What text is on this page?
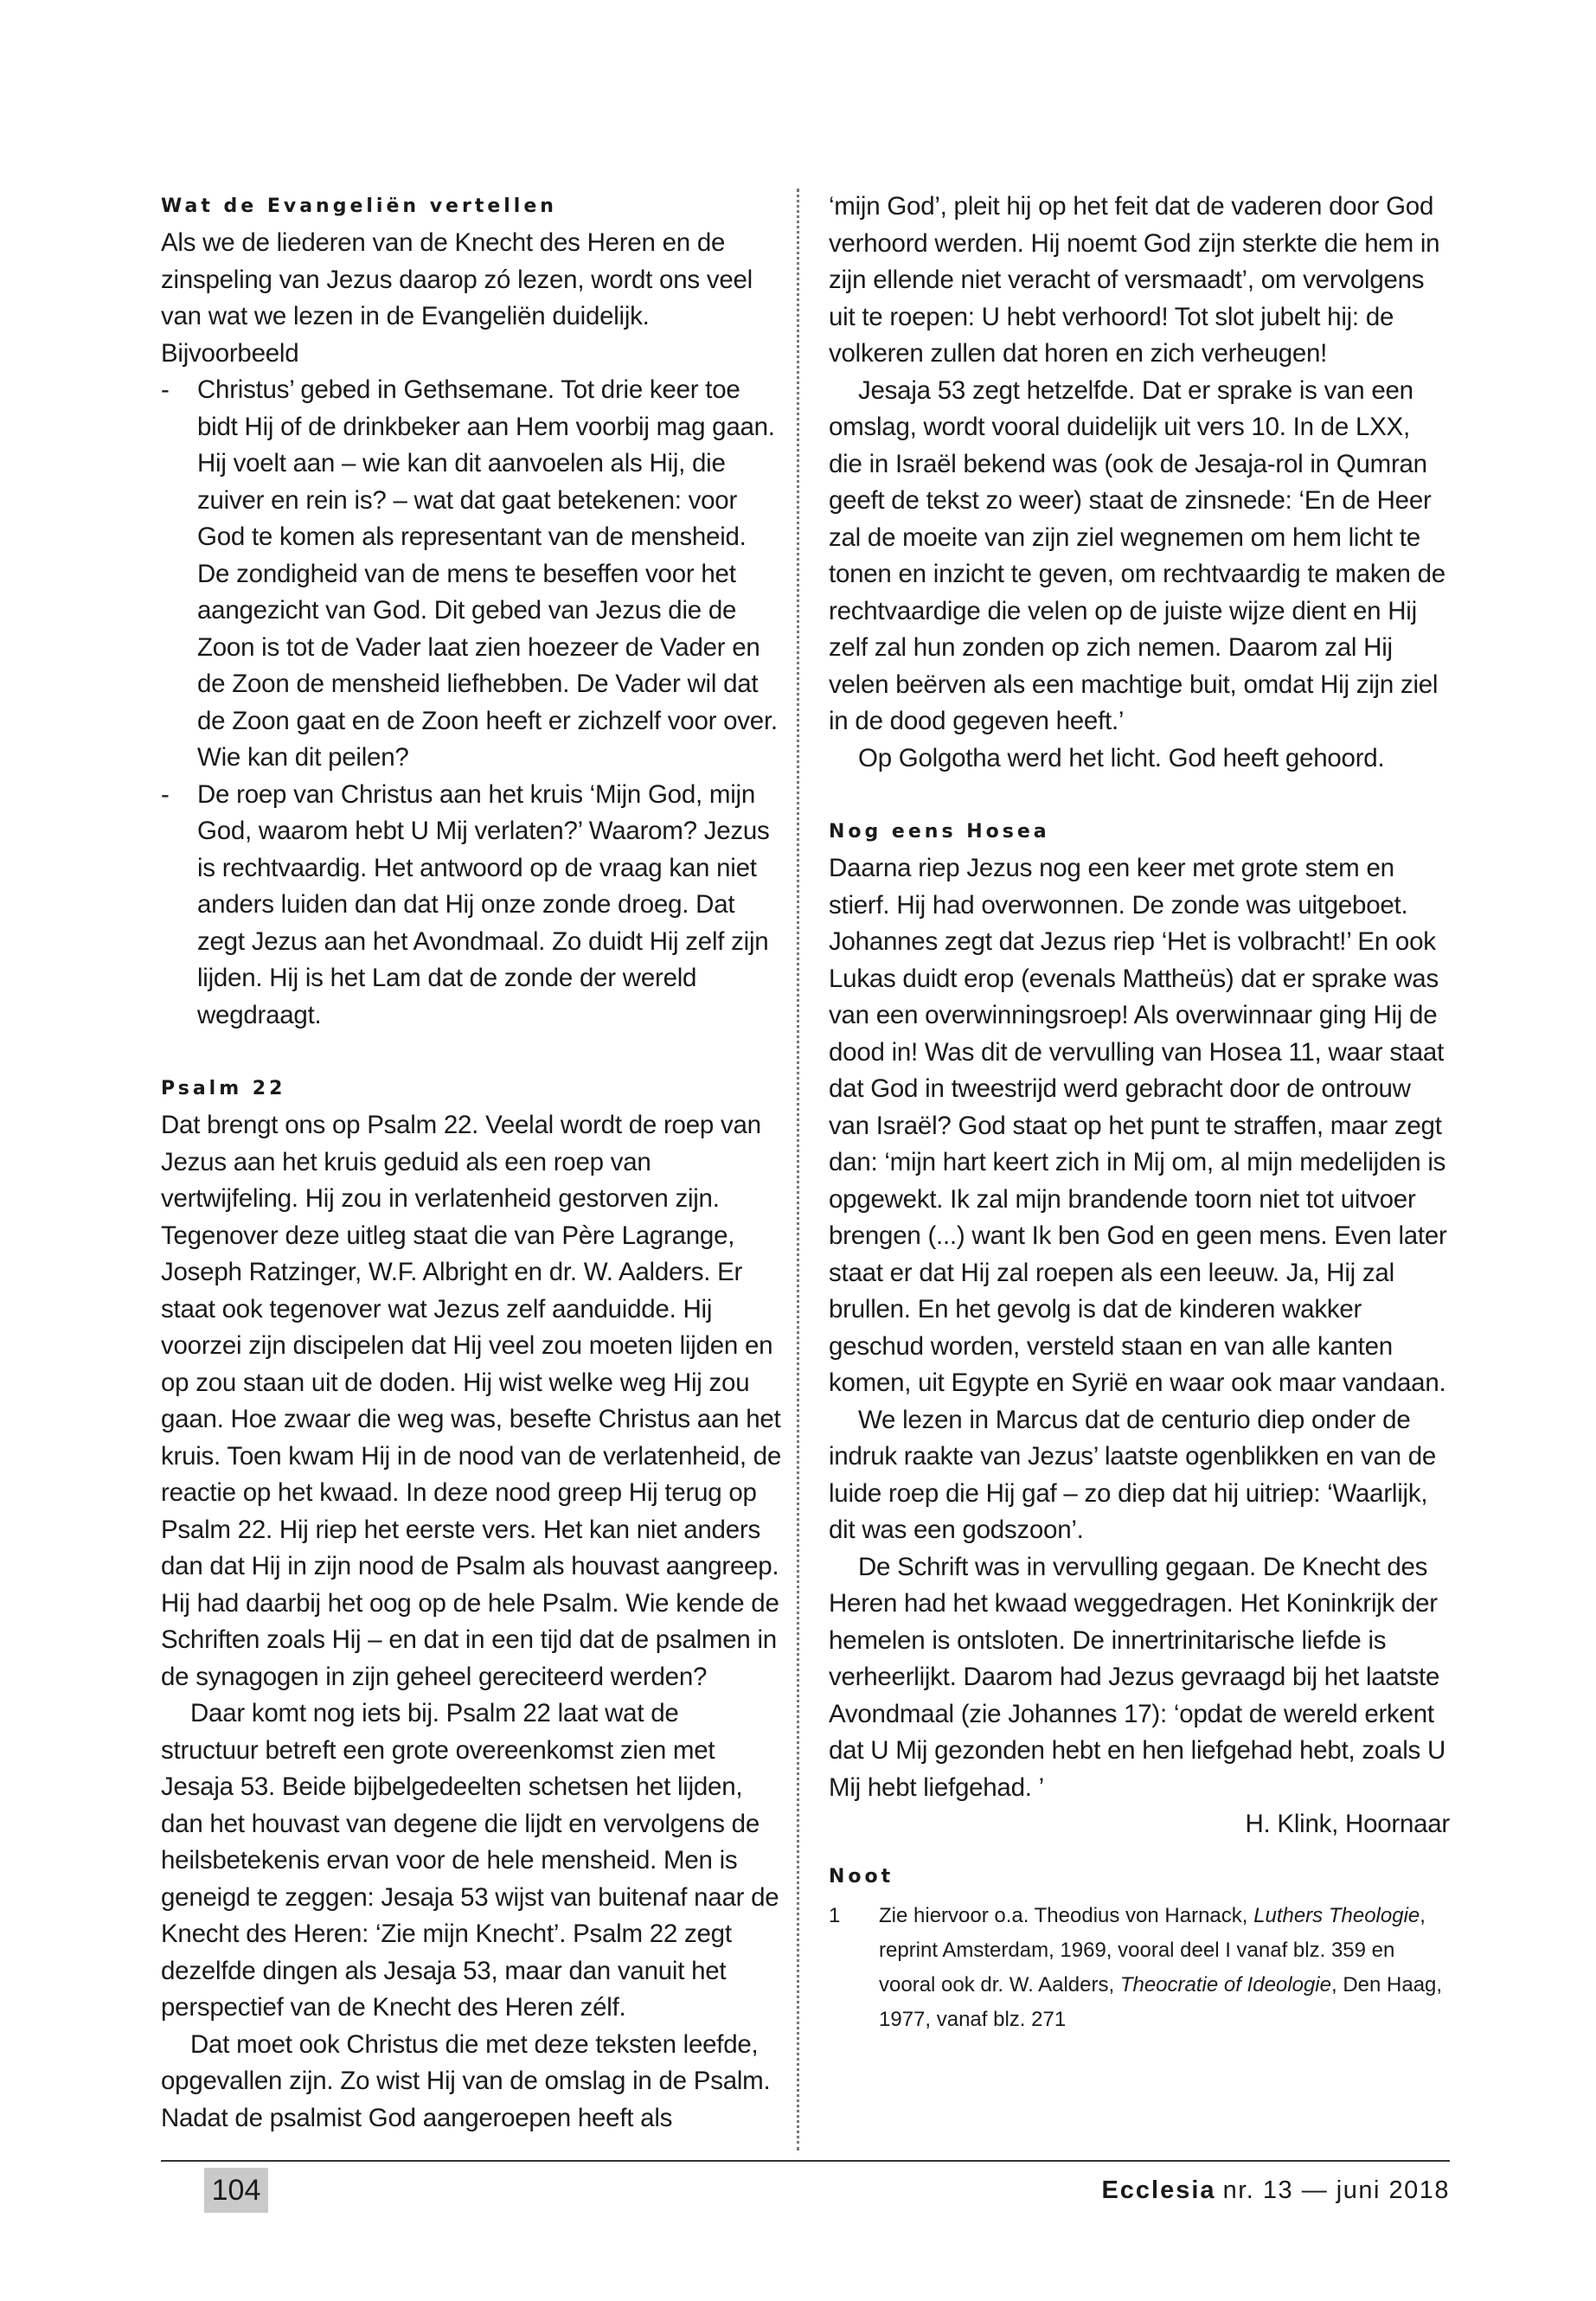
Wat de Evangeliën vertellen

Als we de liederen van de Knecht des Heren en de zinspeling van Jezus daarop zó lezen, wordt ons veel van wat we lezen in de Evangeliën duidelijk. Bijvoorbeeld

- Christus’ gebed in Gethsemane. Tot drie keer toe bidt Hij of de drinkbeker aan Hem voorbij mag gaan. Hij voelt aan – wie kan dit aanvoelen als Hij, die zuiver en rein is? – wat dat gaat betekenen: voor God te komen als representant van de mensheid. De zondigheid van de mens te beseffen voor het aangezicht van God. Dit gebed van Jezus die de Zoon is tot de Vader laat zien hoezeer de Vader en de Zoon de mensheid liefhebben. De Vader wil dat de Zoon gaat en de Zoon heeft er zichzelf voor over. Wie kan dit peilen?
- De roep van Christus aan het kruis ‘Mijn God, mijn God, waarom hebt U Mij verlaten?’ Waarom? Jezus is rechtvaardig. Het antwoord op de vraag kan niet anders luiden dan dat Hij onze zonde droeg. Dat zegt Jezus aan het Avondmaal. Zo duidt Hij zelf zijn lijden. Hij is het Lam dat de zonde der wereld wegdraagt.
Psalm 22

Dat brengt ons op Psalm 22. Veelal wordt de roep van Jezus aan het kruis geduid als een roep van vertwijfeling. Hij zou in verlatenheid gestorven zijn. Tegenover deze uitleg staat die van Père Lagrange, Joseph Ratzinger, W.F. Albright en dr. W. Aalders. Er staat ook tegenover wat Jezus zelf aanduidde. Hij voorzei zijn discipelen dat Hij veel zou moeten lijden en op zou staan uit de doden. Hij wist welke weg Hij zou gaan. Hoe zwaar die weg was, besefte Christus aan het kruis. Toen kwam Hij in de nood van de verlatenheid, de reactie op het kwaad. In deze nood greep Hij terug op Psalm 22. Hij riep het eerste vers. Het kan niet anders dan dat Hij in zijn nood de Psalm als houvast aangreep. Hij had daarbij het oog op de hele Psalm. Wie kende de Schriften zoals Hij – en dat in een tijd dat de psalmen in de synagogen in zijn geheel gereciteerd werden?

Daar komt nog iets bij. Psalm 22 laat wat de structuur betreft een grote overeenkomst zien met Jesaja 53. Beide bijbelgedeelten schetsen het lijden, dan het houvast van degene die lijdt en vervolgens de heilsbetekenis ervan voor de hele mensheid. Men is geneigd te zeggen: Jesaja 53 wijst van buitenaf naar de Knecht des Heren: ‘Zie mijn Knecht’. Psalm 22 zegt dezelfde dingen als Jesaja 53, maar dan vanuit het perspectief van de Knecht des Heren zélf.

Dat moet ook Christus die met deze teksten leefde, opgevallen zijn. Zo wist Hij van de omslag in de Psalm. Nadat de psalmist God aangeroepen heeft als

‘mijn God’, pleit hij op het feit dat de vaderen door God verhoord werden. Hij noemt God zijn sterkte die hem in zijn ellende niet veracht of versmaadt’, om vervolgens uit te roepen: U hebt verhoord! Tot slot jubelt hij: de volkeren zullen dat horen en zich verheugen!

Jesaja 53 zegt hetzelfde. Dat er sprake is van een omslag, wordt vooral duidelijk uit vers 10. In de LXX, die in Israël bekend was (ook de Jesaja-rol in Qumran geeft de tekst zo weer) staat de zinsnede: ‘En de Heer zal de moeite van zijn ziel wegnemen om hem licht te tonen en inzicht te geven, om rechtvaardig te maken de rechtvaardige die velen op de juiste wijze dient en Hij zelf zal hun zonden op zich nemen. Daarom zal Hij velen beërven als een machtige buit, omdat Hij zijn ziel in de dood gegeven heeft.’

Op Golgotha werd het licht. God heeft gehoord.

Nog eens Hosea

Daarna riep Jezus nog een keer met grote stem en stierf. Hij had overwonnen. De zonde was uitgeboet. Johannes zegt dat Jezus riep ‘Het is volbracht!’ En ook Lukas duidt erop (evenals Mattheüs) dat er sprake was van een overwinningsroep! Als overwinnaar ging Hij de dood in! Was dit de vervulling van Hosea 11, waar staat dat God in tweestrijd werd gebracht door de ontrouw van Israël? God staat op het punt te straffen, maar zegt dan: ‘mijn hart keert zich in Mij om, al mijn medelijden is opgewekt. Ik zal mijn brandende toorn niet tot uitvoer brengen (...) want Ik ben God en geen mens. Even later staat er dat Hij zal roepen als een leeuw. Ja, Hij zal brullen. En het gevolg is dat de kinderen wakker geschud worden, versteld staan en van alle kanten komen, uit Egypte en Syrië en waar ook maar vandaan.

We lezen in Marcus dat de centurio diep onder de indruk raakte van Jezus’ laatste ogenblikken en van de luide roep die Hij gaf – zo diep dat hij uitriep: ‘Waarlijk, dit was een godszoon’.

De Schrift was in vervulling gegaan. De Knecht des Heren had het kwaad weggedragen. Het Koninkrijk der hemelen is ontsloten. De innertrinitarische liefde is verheerlijkt. Daarom had Jezus gevraagd bij het laatste Avondmaal (zie Johannes 17): ‘opdat de wereld erkent dat U Mij gezonden hebt en hen liefgehad hebt, zoals U Mij hebt liefgehad. ’

H. Klink, Hoornaar

Noot
1 Zie hiervoor o.a. Theodius von Harnack, Luthers Theologie, reprint Amsterdam, 1969, vooral deel I vanaf blz. 359 en vooral ook dr. W. Aalders, Theocratie of Ideologie, Den Haag, 1977, vanaf blz. 271
104	Ecclesia nr. 13 — juni 2018
